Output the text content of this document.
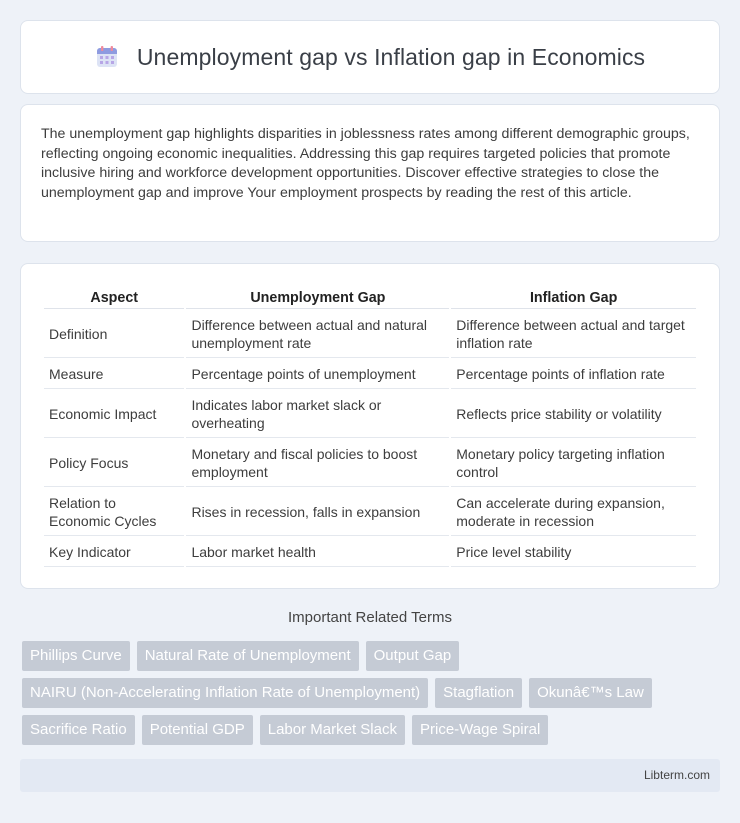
Unemployment gap vs Inflation gap in Economics

The unemployment gap highlights disparities in joblessness rates among different demographic groups, reflecting ongoing economic inequalities. Addressing this gap requires targeted policies that promote inclusive hiring and workforce development opportunities. Discover effective strategies to close the unemployment gap and improve Your employment prospects by reading the rest of this article.

Aspect	Unemployment Gap	Inflation Gap
Definition	Difference between actual and natural unemployment rate	Difference between actual and target inflation rate
Measure	Percentage points of unemployment	Percentage points of inflation rate
Economic Impact	Indicates labor market slack or overheating	Reflects price stability or volatility
Policy Focus	Monetary and fiscal policies to boost employment	Monetary policy targeting inflation control
Relation to Economic Cycles	Rises in recession, falls in expansion	Can accelerate during expansion, moderate in recession
Key Indicator	Labor market health	Price level stability
Important Related Terms
Phillips Curve	Natural Rate of Unemployment	Output Gap
NAIRU (Non-Accelerating Inflation Rate of Unemployment)	Stagflation	Okunâ€™s Law
Sacrifice Ratio	Potential GDP	Labor Market Slack	Price-Wage Spiral
Libterm.com
